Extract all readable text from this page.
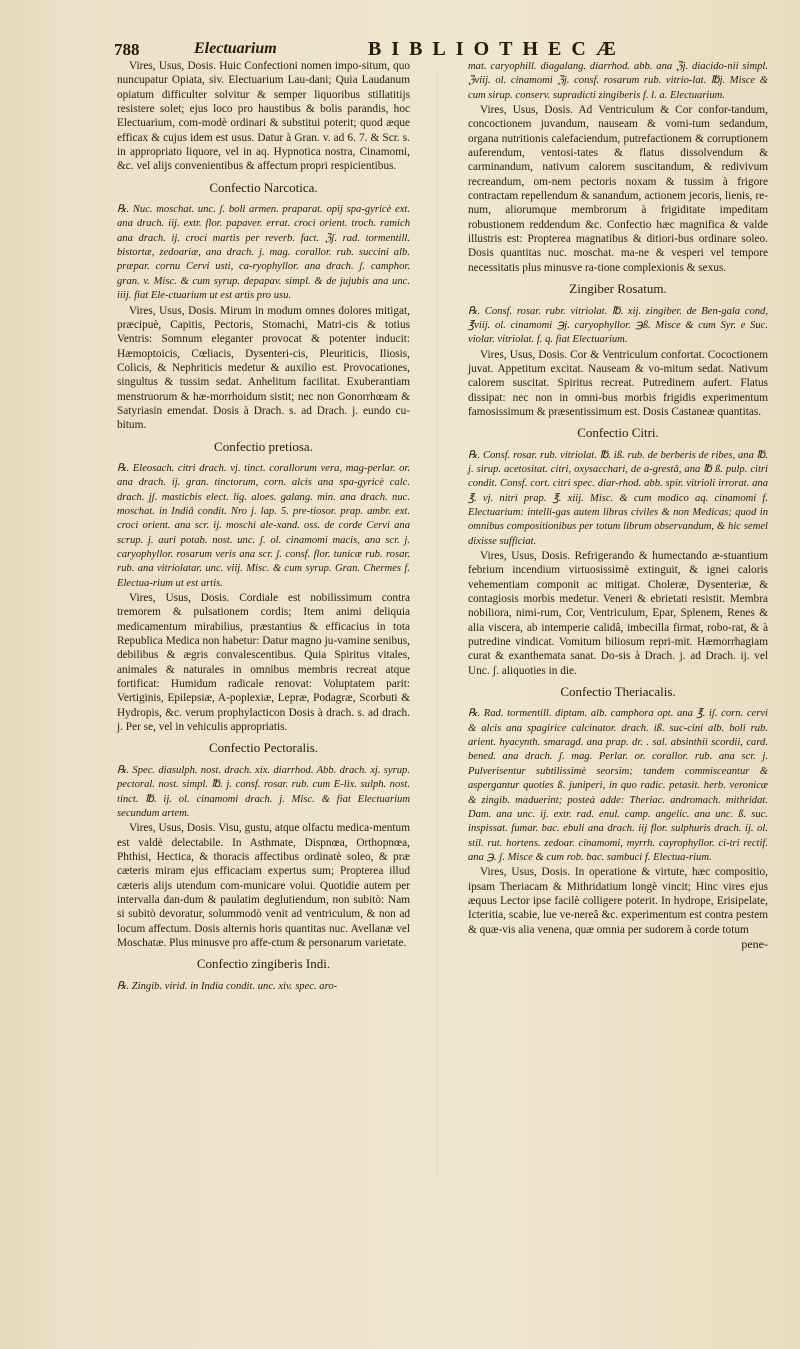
788	Electuarium	BIBLIOTHECÆ

Vires, Usus, Dosis. Huic Confectioni nomen impo-situm, quo nuncupatur Opiata, siv. Electuarium Lau-dani; Quia Laudanum opiatum difficulter solvitur & semper liquoribus stillatitijs resistere solet; ejus loco pro haustibus & bolis parandis, hoc Electuarium, com-modè ordinari & substitui poterit; quod æque efficax & cujus idem est usus. Datur à Gran. v. ad 6. 7. & Scr. s. in appropriato liquore, vel in aq. Hypnotica nostra, Cinamomi, &c. vel alijs convenientibus & affectum propri respicientibus.

Confectio Narcotica.

℞. Nuc. moschat. unc. ʃ. boli armen. praparat. opij spa-gyricè ext. ana drach. iij. extr. flor. papaver. errat. croci orient. troch. ramich ana drach. ij. croci martis per reverb. fact. ℨʃ. rad. tormentill. bistortæ, zedoariæ, ana drach. j. mag. corallor. rub. succini alb. præpar. cornu Cervi usti, ca-ryophyllor. ana drach. ʃ. camphor. gran. v. Misc. & cum syrup. depapav. simpl. & de jujubis ana unc. iiij. fiat Ele-ctuarium ut est artis pro usu.

Vires, Usus, Dosis. Mirum in modum omnes dolores mitigat, præcipuè, Capitis, Pectoris, Stomachi, Matri-cis & totius Ventris: Somnum eleganter provocat & potenter inducit: Hæmoptoicis, Cœliacis, Dysenteri-cis, Pleuriticis, Iliosis, Colicis, & Nephriticis medetur & auxilio est. Provocationes, singultus & tussim sedat. Anhelitum facilitat. Exuberantiam menstruorum & hæ-morrhoidum sistit; nec non Gonorrhœam & Satyriasin emendat. Dosis à Drach. s. ad Drach. j. eundo cu-bitum.

Confectio pretiosa.

℞. Eleosach. citri drach. vj. tinct. corallorum vera, mag-perlar. or. ana drach. ij. gran. tinctorum, corn. alcis ana spa-gyricè calc. drach. jʃ. masticbis elect. lig. aloes. galang. min. ana drach. nuc. moschat. in Indiâ condit. Nro j. lap. 5. pre-tiosor. prap. ambr. ext. croci orient. ana scr. ij. moschi ale-xand. oss. de corde Cervi ana scrup. j. auri potab. nost. unc. ʃ. ol. cinamomi macis, ana scr. j. caryophyllor. rosarum veris ana scr. ʃ. consf. flor. tunicæ rub. rosar. rub. ana vitriolatar. unc. viij. Misc. & cum syrup. Gran. Chermes f. Electua-rium ut est artis.

Vires, Usus, Dosis. Cordiale est nobilissimum contra tremorem & pulsationem cordis; Item animi deliquia medicamentum mirabilius, præstantius & efficacius in tota Republica Medica non habetur: Datur magno ju-vamine senibus, debilibus & ægris convalescentibus. Quia Spiritus vitales, animales & naturales in omnibus membris recreat atque fortificat: Humidum radicale renovat: Voluptatem parit: Vertiginis, Epilepsiæ, A-poplexiæ, Lepræ, Podagræ, Scorbuti & Hydropis, &c. verum prophylacticon Dosis à drach. s. ad drach. j. Per se, vel in vehiculis appropriatis.

Confectio Pectoralis.

℞. Spec. diasulph. nost. drach. xix. diarrhod. Abb. drach. xj. syrup. pectoral. nost. simpl. ℔. j. consf. rosar. rub. cum E-lix. sulph. nost. tinct. ℔. ij. ol. cinamomi drach. j. Misc. & fiat Electuarium secundum artem.

Vires, Usus, Dosis. Visu, gustu, atque olfactu medica-mentum est valdè delectabile. In Asthmate, Dispnœa, Orthopnœa, Phthisi, Hectica, & thoracis affectibus ordinatè soleo, & præ cæteris miram ejus efficaciam expertus sum; Propterea illud cæteris alijs utendum com-municare volui. Quotidie autem per intervalla dan-dum & paulatim deglutiendum, non subitò: Nam si subitò devoratur, solummodò venit ad ventriculum, & non ad locum affectum. Dosis alternis horis quantitas nuc. Avellanæ vel Moschatæ. Plus minusve pro affe-ctum & personarum varietate.

Confectio zingiberis Indi.

℞. Zingib. virid. in India condit. unc. xiv. spec. aro-

mat. caryophill. diagalang. diarrhod. abb. ana ℨj. diacido-nii simpl. ℨviij. ol. cinamomi ℨj. consf. rosarum rub. vitrio-lat. ℔j. Misce & cum sirup. conserv. supradicti zingiberis f. l. a. Electuarium.

Vires, Usus, Dosis. Ad Ventriculum & Cor confor-tandum, concoctionem juvandum, nauseam & vomi-tum sedandum, organa nutritionis calefaciendum, putrefactionem & corruptionem auferendum, ventosi-tates & flatus dissolvendum & carminandum, nativum calorem suscitandum, & redivivum recreandum, om-nem pectoris noxam & tussim à frigore contractam repellendum & sanandum, actionem jecoris, lienis, re-num, aliorumque membrorum à frigiditate impeditam robustionem reddendum &c. Confectio hæc magnifica & valde illustris est: Propterea magnatibus & ditiori-bus ordinare soleo. Dosis quantitas nuc. moschat. ma-ne & vesperi vel tempore necessitatis plus minusve ra-tione complexionis & sexus.

Zingiber Rosatum.

℞. Consf. rosar. rubr. vitriolat. ℔. xij. zingiber. de Ben-gala cond, ℥viij. ol. cinamomi ℈j. caryophyllor. ℈ß. Misce & cum Syr. e Suc. violar. vitriolat. f. q. fiat Electuarium.

Vires, Usus, Dosis. Cor & Ventriculum confortat. Cococtionem juvat. Appetitum excitat. Nauseam & vo-mitum sedat. Nativum calorem suscitat. Spiritus recreat. Putredinem aufert. Flatus dissipat: nec non in omni-bus morbis frigidis experimentum famosissimum & præsentissimum est. Dosis Castaneæ quantitas.

Confectio Citri.

℞. Consf. rosar. rub. vitriolat. ℔. iß. rub. de berberis de ribes, ana ℔. j. sirup. acetositat. citri, oxysacchari, de a-grestâ, ana ℔ ß. pulp. citri condit. Consf. cort. citri spec. diar-rhod. abb. spir. vitrioli irrorat. ana ℥. vj. nitri prap. ℥. xiij. Misc. & cum modico aq. cinamomi f. Electuarium: intelli-gas autem libras civiles & non Medicas; quod in omnibus compositionibus per totum librum observandum, & hic semel dixisse sufficiat.

Vires, Usus, Dosis. Refrigerando & humectando æ-stuantium febrium incendium virtuosissimè extinguit, & ignei caloris vehementiam componit ac mitigat. Choleræ, Dysenteriæ, & contagiosis morbis medetur. Veneri & ebrietati resistit. Membra nobiliora, nimi-rum, Cor, Ventriculum, Epar, Splenem, Renes & alia viscera, ab intemperie calidâ, imbecilla firmat, robo-rat, & à putredine vindicat. Vomitum biliosum repri-mit. Hæmorrhagiam curat & exanthemata sanat. Do-sis à Drach. j. ad Drach. ij. vel Unc. ʃ. aliquoties in die.

Confectio Theriacalis.

℞. Rad. tormentill. diptam. alb. camphora opt. ana ℥. iʃ. corn. cervi & alcis ana spagirice calcinator. drach. iß. suc-cini alb. boli rub. arient. hyacynth. smaragd. ana prap. dr. . sal. absinthii scordii, card. bened. ana drach. ʃ. mag. Perlar. or. corallor. rub. ana scr. j. Pulverisentur subtilissimè seorsim; tandem commisceantur & aspergantur quoties ß. juniperi, in quo radic. petasit. herb. veronicæ & zingib. maduerint; posteà adde: Theriac. andromach. mithridat. Dam. ana unc. ij. extr. rad. enul. camp. angelic. ana unc. ß. suc. inspissat. fumar. bac. ebuli ana drach. iij flor. sulphuris drach. ij. ol. stil. rut. hortens. zedoar. cinamomi, myrrh. cayrophyllor. ci-tri rectif. ana ℈. ʃ. Misce & cum rob. bac. sambuci f. Electua-rium.

Vires, Usus, Dosis. In operatione & virtute, hæc compositio, ipsam Theriacam & Mithridatium longè vincit; Hinc vires ejus æquus Lector ipse facilè colligere poterit. In hydrope, Erisipelate, Icteritia, scabie, lue ve-nereâ &c. experimentum est contra pestem & quæ-vis alia venena, quæ omnia per sudorem à corde totum

pene-
